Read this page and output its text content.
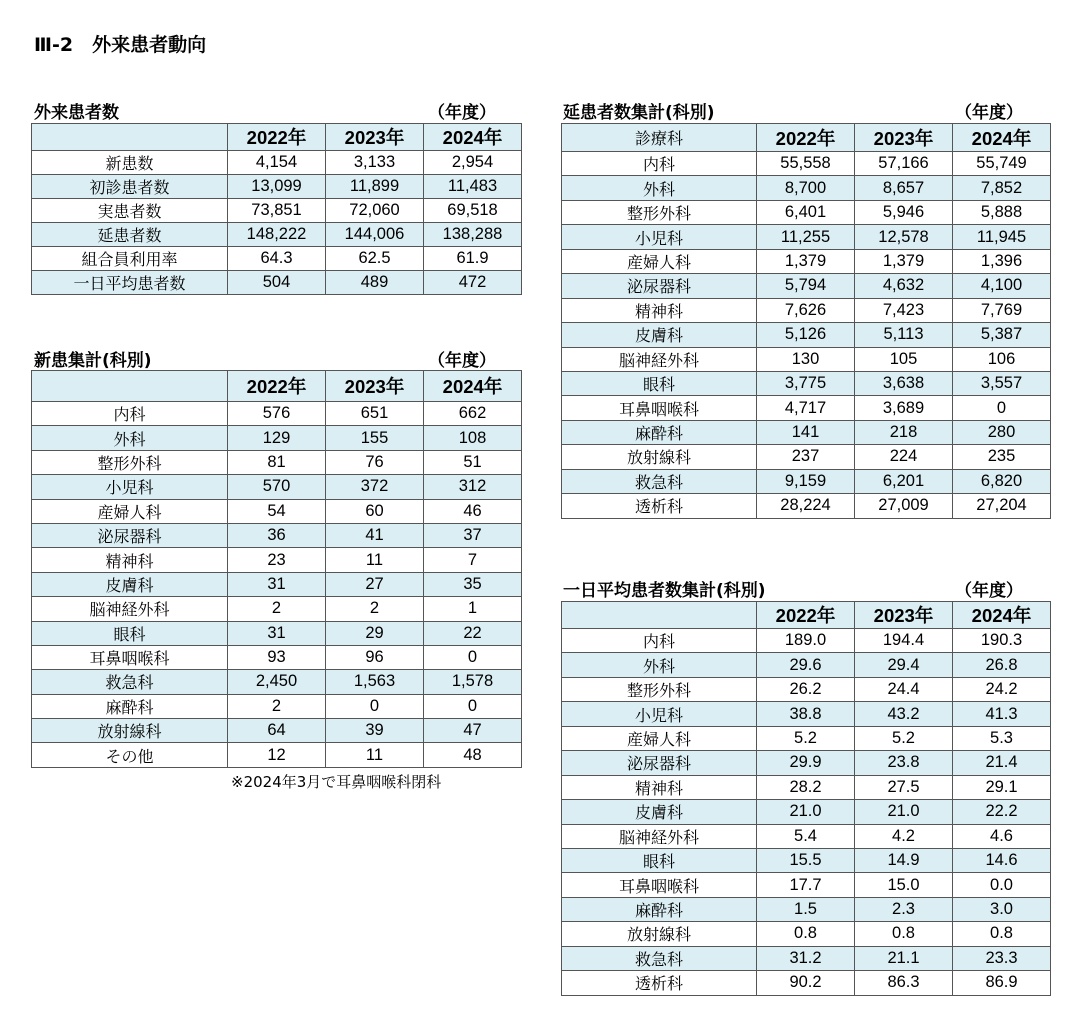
Ⅲ-2　外来患者動向
外来患者数	（年度）
	2022年	2023年	2024年
新患数	4,154	3,133	2,954
初診患者数	13,099	11,899	11,483
実患者数	73,851	72,060	69,518
延患者数	148,222	144,006	138,288
組合員利用率	64.3	62.5	61.9
一日平均患者数	504	489	472
新患集計(科別)	（年度）
	2022年	2023年	2024年
内科	576	651	662
外科	129	155	108
整形外科	81	76	51
小児科	570	372	312
産婦人科	54	60	46
泌尿器科	36	41	37
精神科	23	11	7
皮膚科	31	27	35
脳神経外科	2	2	1
眼科	31	29	22
耳鼻咽喉科	93	96	0
救急科	2,450	1,563	1,578
麻酔科	2	0	0
放射線科	64	39	47
その他	12	11	48
※2024年3月で耳鼻咽喉科閉科
延患者数集計(科別)	（年度）
診療科	2022年	2023年	2024年
内科	55,558	57,166	55,749
外科	8,700	8,657	7,852
整形外科	6,401	5,946	5,888
小児科	11,255	12,578	11,945
産婦人科	1,379	1,379	1,396
泌尿器科	5,794	4,632	4,100
精神科	7,626	7,423	7,769
皮膚科	5,126	5,113	5,387
脳神経外科	130	105	106
眼科	3,775	3,638	3,557
耳鼻咽喉科	4,717	3,689	0
麻酔科	141	218	280
放射線科	237	224	235
救急科	9,159	6,201	6,820
透析科	28,224	27,009	27,204
一日平均患者数集計(科別)	（年度）
	2022年	2023年	2024年
内科	189.0	194.4	190.3
外科	29.6	29.4	26.8
整形外科	26.2	24.4	24.2
小児科	38.8	43.2	41.3
産婦人科	5.2	5.2	5.3
泌尿器科	29.9	23.8	21.4
精神科	28.2	27.5	29.1
皮膚科	21.0	21.0	22.2
脳神経外科	5.4	4.2	4.6
眼科	15.5	14.9	14.6
耳鼻咽喉科	17.7	15.0	0.0
麻酔科	1.5	2.3	3.0
放射線科	0.8	0.8	0.8
救急科	31.2	21.1	23.3
透析科	90.2	86.3	86.9
